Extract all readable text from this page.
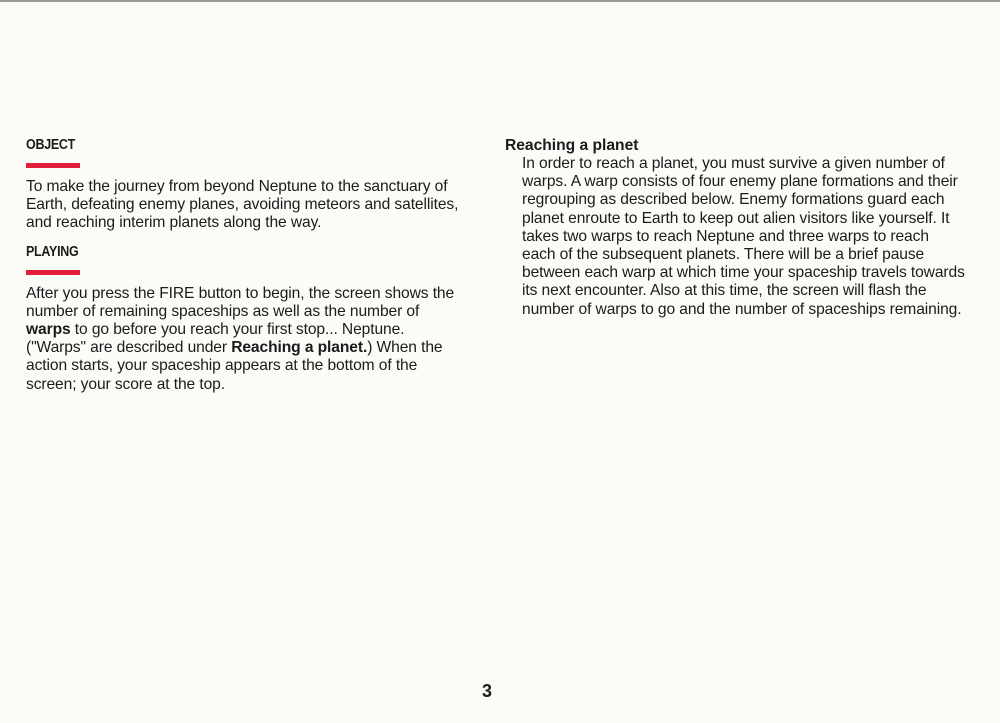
OBJECT

To make the journey from beyond Neptune to the sanctuary of Earth, defeating enemy planes, avoiding meteors and satellites, and reaching interim planets along the way.

PLAYING

After you press the FIRE button to begin, the screen shows the number of remaining spaceships as well as the number of warps to go before you reach your first stop... Neptune. ("Warps" are described under Reaching a planet.) When the action starts, your spaceship appears at the bottom of the screen; your score at the top.

Reaching a planet

In order to reach a planet, you must survive a given number of warps. A warp consists of four enemy plane formations and their regrouping as described below. Enemy formations guard each planet enroute to Earth to keep out alien visitors like yourself. It takes two warps to reach Neptune and three warps to reach each of the subsequent planets. There will be a brief pause between each warp at which time your spaceship travels towards its next encounter. Also at this time, the screen will flash the number of warps to go and the number of spaceships remaining.

3
